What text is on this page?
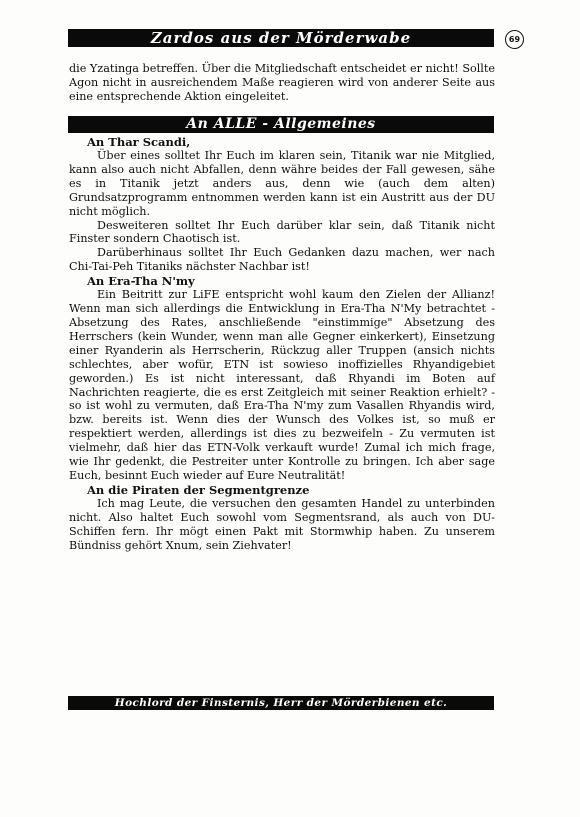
Zardos aus der Mörderwabe	69

die Yzatinga betreffen. Über die Mitgliedschaft entscheidet er nicht! Sollte Agon nicht in ausreichendem Maße reagieren wird von anderer Seite aus eine entsprechende Aktion eingeleitet.

An ALLE - Allgemeines

An Thar Scandi,

Über eines solltet Ihr Euch im klaren sein, Titanik war nie Mitglied, kann also auch nicht Abfallen, denn währe beides der Fall gewesen, sähe es in Titanik jetzt anders aus, denn wie (auch dem alten) Grundsatzprogramm entnommen werden kann ist ein Austritt aus der DU nicht möglich.

Desweiteren solltet Ihr Euch darüber klar sein, daß Titanik nicht Finster sondern Chaotisch ist.

Darüberhinaus solltet Ihr Euch Gedanken dazu machen, wer nach Chi-Tai-Peh Titaniks nächster Nachbar ist!

An Era-Tha N'my

Ein Beitritt zur LiFE entspricht wohl kaum den Zielen der Allianz! Wenn man sich allerdings die Entwicklung in Era-Tha N'My betrachtet - Absetzung des Rates, anschließende "einstimmige" Absetzung des Herrschers (kein Wunder, wenn man alle Gegner einkerkert), Einsetzung einer Ryanderin als Herrscherin, Rückzug aller Truppen (ansich nichts schlechtes, aber wofür, ETN ist sowieso inoffizielles Rhyandigebiet geworden.) Es ist nicht interessant, daß Rhyandi im Boten auf Nachrichten reagierte, die es erst Zeitgleich mit seiner Reaktion erhielt? - so ist wohl zu vermuten, daß Era-Tha N'my zum Vasallen Rhyandis wird, bzw. bereits ist. Wenn dies der Wunsch des Volkes ist, so muß er respektiert werden, allerdings ist dies zu bezweifeln - Zu vermuten ist vielmehr, daß hier das ETN-Volk verkauft wurde! Zumal ich mich frage, wie Ihr gedenkt, die Pestreiter unter Kontrolle zu bringen. Ich aber sage Euch, besinnt Euch wieder auf Eure Neutralität!

An die Piraten der Segmentgrenze

Ich mag Leute, die versuchen den gesamten Handel zu unterbinden nicht. Also haltet Euch sowohl vom Segmentsrand, als auch von DU-Schiffen fern. Ihr mögt einen Pakt mit Stormwhip haben. Zu unserem Bündniss gehört Xnum, sein Ziehvater!

Hochlord der Finsternis, Herr der Mörderbienen etc.
